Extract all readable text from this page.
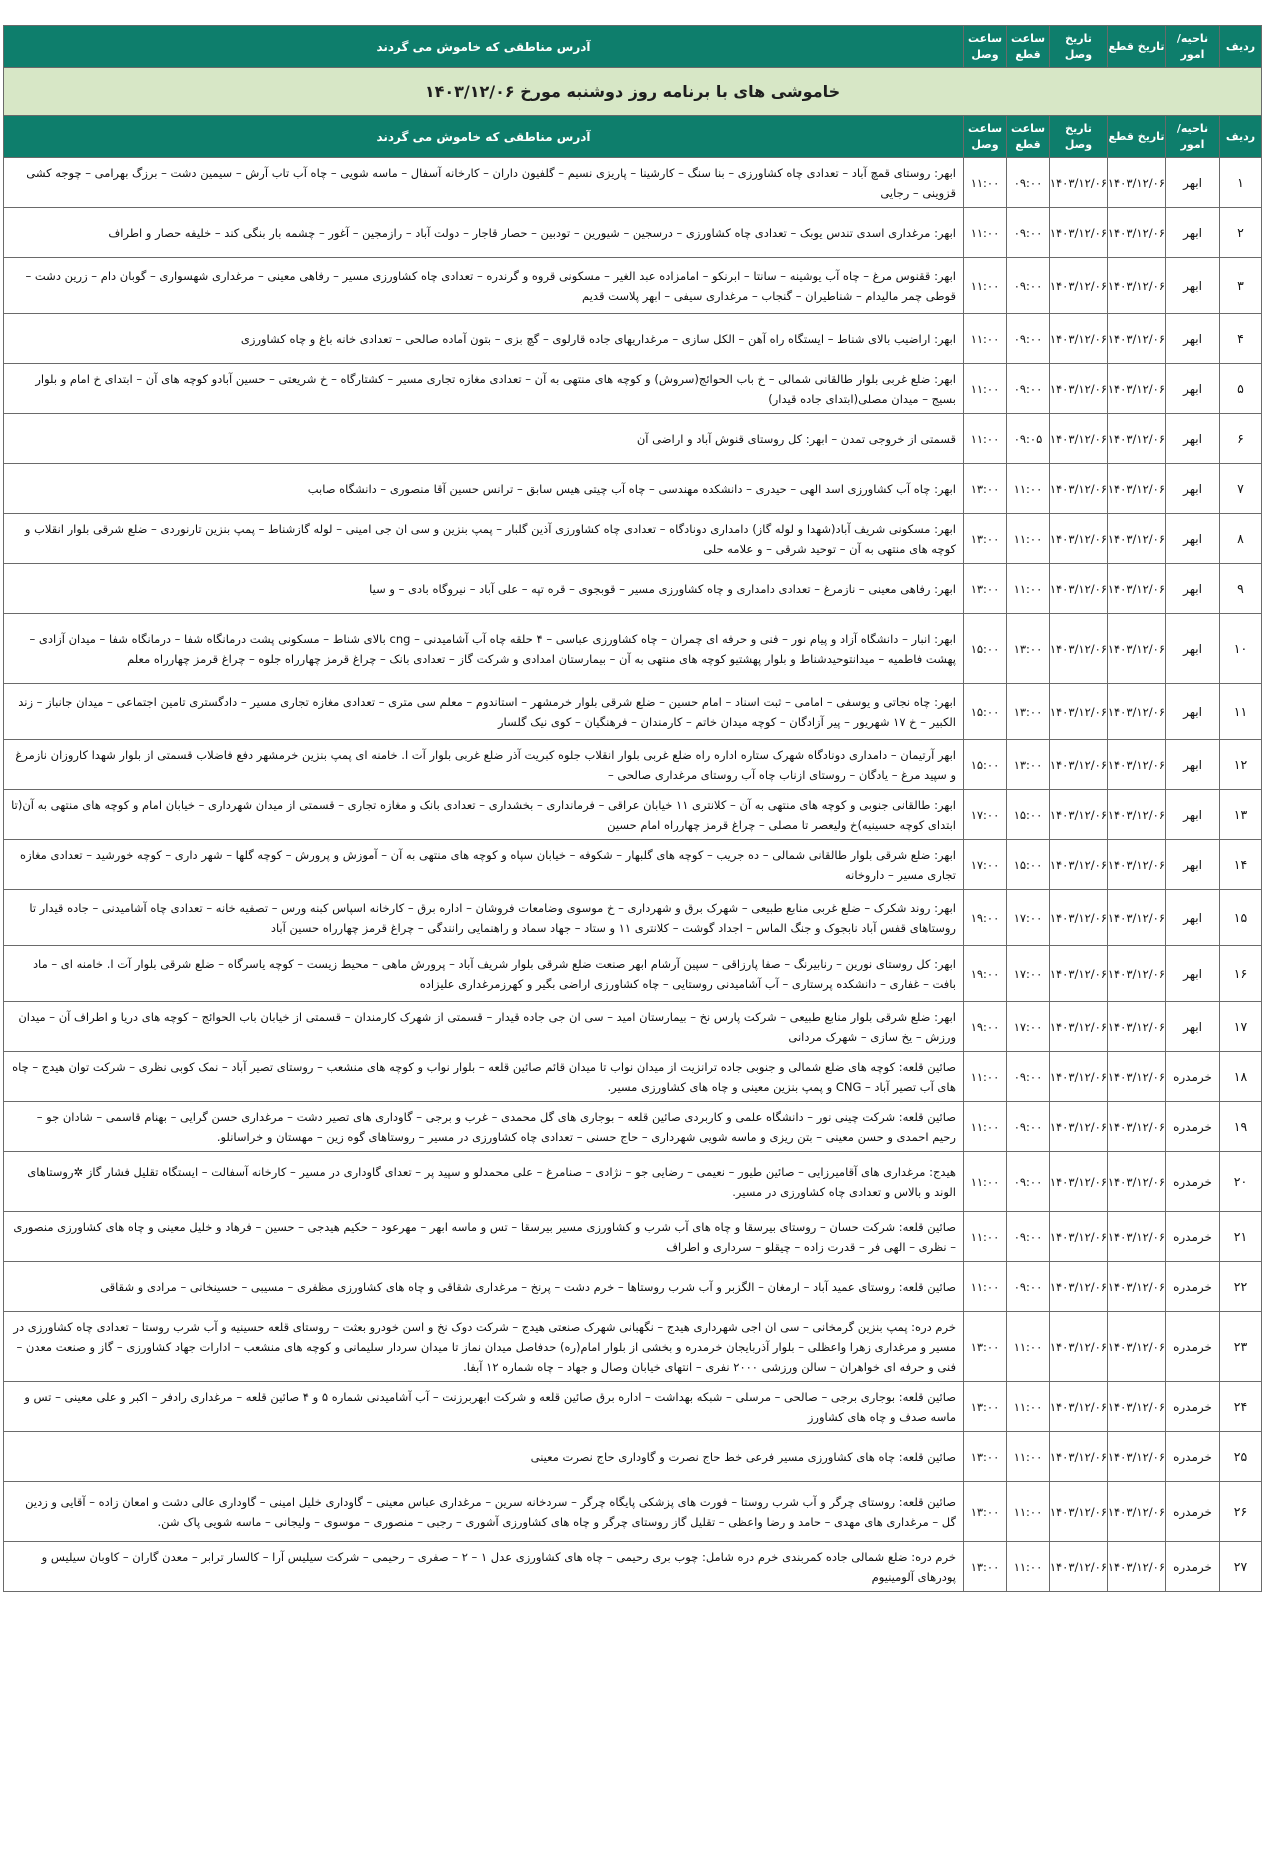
ردیف	ناحیه/امور	تاریخ قطع	تاریخ وصل	ساعت قطع	ساعت وصل	آدرس مناطقی که خاموش می گردند
خاموشی های با برنامه روز دوشنبه مورخ ۱۴۰۳/۱۲/۰۶						
ردیف	ناحیه/امور	تاریخ قطع	تاریخ وصل	ساعت قطع	ساعت وصل	آدرس مناطقی که خاموش می گردند
۱	ابهر	۱۴۰۳/۱۲/۰۶	۱۴۰۳/۱۲/۰۶	۰۹:۰۰	۱۱:۰۰	ابهر: روستای قمچ آباد – تعدادی چاه کشاورزی – بنا سنگ – کارشینا – پاریزی نسیم – گلفیون داران – کارخانه آسفال – ماسه شویی – چاه آب تاب آرش – سیمین دشت – برزگ بهرامی – چوجه کشی قزوینی – رجایی
۲	ابهر	۱۴۰۳/۱۲/۰۶	۱۴۰۳/۱۲/۰۶	۰۹:۰۰	۱۱:۰۰	ابهر: مرغداری اسدی تندس یوبک – تعدادی چاه کشاورزی – درسجین – شیورین – تودبین – حصار قاجار – دولت آباد – رازمجین – آغور – چشمه بار بنگی کند – خلیفه حصار و اطراف
۳	ابهر	۱۴۰۳/۱۲/۰۶	۱۴۰۳/۱۲/۰۶	۰۹:۰۰	۱۱:۰۰	ابهر: ققنوس مرغ – چاه آب یوشینه – سانتا – ابرنکو – امامزاده عبد الغیر – مسکونی قروه و گرندره – تعدادی چاه کشاورزی مسیر – رفاهی معینی – مرغداری شهسواری – گوبان دام – زرین دشت – قوطی چمر مالیدام – شناطیران – گنجاب – مرغداری سیفی – ابهر پلاست قدیم
۴	ابهر	۱۴۰۳/۱۲/۰۶	۱۴۰۳/۱۲/۰۶	۰۹:۰۰	۱۱:۰۰	ابهر: اراضیب بالای شناط – ایستگاه راه آهن – الکل سازی – مرغداریهای جاده قارلوی – گچ بزی – بتون آماده صالحی – تعدادی خانه باغ و چاه کشاورزی
۵	ابهر	۱۴۰۳/۱۲/۰۶	۱۴۰۳/۱۲/۰۶	۰۹:۰۰	۱۱:۰۰	ابهر: ضلع غربی بلوار طالقانی شمالی – خ باب الحوائج(سروش) و کوچه های منتهی به آن – تعدادی مغازه تجاری مسیر – کشتارگاه – خ شریعتی – حسین آبادو کوچه های آن – ابتدای خ امام و بلوار بسیج – میدان مصلی(ابتدای جاده قیدار)
۶	ابهر	۱۴۰۳/۱۲/۰۶	۱۴۰۳/۱۲/۰۶	۰۹:۰۵	۱۱:۰۰	قسمتی از خروجی تمدن – ابهر: کل روستای قنوش آباد و اراضی آن
۷	ابهر	۱۴۰۳/۱۲/۰۶	۱۴۰۳/۱۲/۰۶	۱۱:۰۰	۱۳:۰۰	ابهر: چاه آب کشاورزی اسد الهی – حیدری – دانشکده مهندسی – چاه آب چیتی هیس سابق – ترانس حسین آقا منصوری – دانشگاه صابب
۸	ابهر	۱۴۰۳/۱۲/۰۶	۱۴۰۳/۱۲/۰۶	۱۱:۰۰	۱۳:۰۰	ابهر: مسکونی شریف آباد(شهدا و لوله گاز) دامداری دونادگاه – تعدادی چاه کشاورزی آذین گلبار – پمپ بنزین و سی ان جی امینی – لوله گازشناط – پمپ بنزین تارنوردی – ضلع شرقی بلوار انقلاب و کوچه های منتهی به آن – توحید شرقی – و علامه حلی
۹	ابهر	۱۴۰۳/۱۲/۰۶	۱۴۰۳/۱۲/۰۶	۱۱:۰۰	۱۳:۰۰	ابهر: رفاهی معینی – نازمرغ – تعدادی دامداری و چاه کشاورزی مسیر – قوبجوی – قره تپه – علی آباد – نیروگاه بادی – و سیا
۱۰	ابهر	۱۴۰۳/۱۲/۰۶	۱۴۰۳/۱۲/۰۶	۱۳:۰۰	۱۵:۰۰	ابهر: انبار – دانشگاه آزاد و پیام نور – فنی و حرفه ای چمران – چاه کشاورزی عباسی – ۴ حلقه چاه آب آشامیدنی – cng بالای شناط – مسکونی پشت درمانگاه شفا – درمانگاه شفا – میدان آزادی – پهشت فاطمیه – میدانتوحیدشناط و بلوار پهشتیو کوچه های منتهی به آن – بیمارستان امدادی و شرکت گاز – تعدادی بانک – چراغ قرمز چهارراه جلوه – چراغ قرمز چهارراه معلم
۱۱	ابهر	۱۴۰۳/۱۲/۰۶	۱۴۰۳/۱۲/۰۶	۱۳:۰۰	۱۵:۰۰	ابهر: چاه نجاتی و یوسفی – امامی – ثبت اسناد – امام حسین – ضلع شرقی بلوار خرمشهر – استاندوم – معلم سی متری – تعدادی مغازه تجاری مسیر – دادگستری تامین اجتماعی – میدان جانباز – زند الکبیر – خ ۱۷ شهریور – پیر آزادگان – کوچه میدان خاتم – کارمندان – فرهنگیان – کوی نیک گلسار
۱۲	ابهر	۱۴۰۳/۱۲/۰۶	۱۴۰۳/۱۲/۰۶	۱۳:۰۰	۱۵:۰۰	ابهر آرتیمان – دامداری دونادگاه شهرک ستاره اداره راه ضلع غربی بلوار انقلاب جلوه کبریت آذر ضلع غربی بلوار آت ا. خامنه ای پمپ بنزین خرمشهر دفع فاضلاب قسمتی از بلوار شهدا کاروزان نازمرغ و سپید مرغ – یادگان – روستای ازناب چاه آب روستای مرغداری صالحی –
۱۳	ابهر	۱۴۰۳/۱۲/۰۶	۱۴۰۳/۱۲/۰۶	۱۵:۰۰	۱۷:۰۰	ابهر: طالقانی جنوبی و کوچه های منتهی به آن – کلانتری ۱۱ خیابان عراقی – فرمانداری – بخشداری – تعدادی بانک و مغازه تجاری – قسمتی از میدان شهرداری – خیابان امام و کوچه های منتهی به آن(تا ابتدای کوچه حسینیه)خ ولیعصر تا مصلی – چراغ قرمز چهارراه امام حسین
۱۴	ابهر	۱۴۰۳/۱۲/۰۶	۱۴۰۳/۱۲/۰۶	۱۵:۰۰	۱۷:۰۰	ابهر: ضلع شرقی بلوار طالقانی شمالی – ده جریب – کوچه های گلبهار – شکوفه – خیابان سپاه و کوچه های منتهی به آن – آموزش و پرورش – کوچه گلها – شهر داری – کوچه خورشید – تعدادی مغازه تجاری مسیر – داروخانه
۱۵	ابهر	۱۴۰۳/۱۲/۰۶	۱۴۰۳/۱۲/۰۶	۱۷:۰۰	۱۹:۰۰	ابهر: روند شکرک – ضلع غربی منابع طبیعی – شهرک برق و شهرداری – خ موسوی وضامعات فروشان – اداره برق – کارخانه اسپاس کبنه ورس – تصفیه خانه – تعدادی چاه آشامیدنی – جاده قیدار تا روستاهای قفس آباد نابجوک و جنگ الماس – اجداد گوشت – کلانتری ۱۱ و ستاد – جهاد سماد و راهنمایی رانندگی – چراغ قرمز چهارراه حسین آباد
۱۶	ابهر	۱۴۰۳/۱۲/۰۶	۱۴۰۳/۱۲/۰۶	۱۷:۰۰	۱۹:۰۰	ابهر: کل روستای نورین – رنابیرنگ – صفا پارزاقی – سپین آرشام ابهر صنعت ضلع شرقی بلوار شریف آباد – پرورش ماهی – محیط زیست – کوچه یاسرگاه – ضلع شرقی بلوار آت ا. خامنه ای – ماد بافت – غفاری – دانشکده پرستاری – آب آشامیدنی روستایی – چاه کشاورزی اراضی بگیر و کهرزمرغداری علیزاده
۱۷	ابهر	۱۴۰۳/۱۲/۰۶	۱۴۰۳/۱۲/۰۶	۱۷:۰۰	۱۹:۰۰	ابهر: ضلع شرقی بلوار منابع طبیعی – شرکت پارس نخ – بیمارستان امید – سی ان جی جاده قیدار – قسمتی از شهرک کارمندان – قسمتی از خیابان باب الحوائج – کوچه های دریا و اطراف آن – میدان ورزش – یخ سازی – شهرک مردانی
۱۸	خرمدره	۱۴۰۳/۱۲/۰۶	۱۴۰۳/۱۲/۰۶	۰۹:۰۰	۱۱:۰۰	صائین قلعه: کوچه های ضلع شمالی و جنوبی جاده ترانزیت از میدان نواب تا میدان قائم صائین قلعه – بلوار نواب و کوچه های منشعب – روستای تصیر آباد – نمک کوبی نظری – شرکت توان هیدج – چاه های آب تصیر آباد – CNG و پمپ بنزین معینی و چاه های کشاورزی مسیر.
۱۹	خرمدره	۱۴۰۳/۱۲/۰۶	۱۴۰۳/۱۲/۰۶	۰۹:۰۰	۱۱:۰۰	صائین قلعه: شرکت چینی نور – دانشگاه علمی و کاربردی صائین قلعه – بوجاری های گل محمدی – غرب و برجی – گاوداری های تصیر دشت – مرغداری حسن گرایی – بهنام قاسمی – شادان جو – رحیم احمدی و حسن معینی – بتن ریزی و ماسه شویی شهرداری – حاج حسنی – تعدادی چاه کشاورزی در مسیر – روستاهای گوه زین – مهستان و خراسانلو.
۲۰	خرمدره	۱۴۰۳/۱۲/۰۶	۱۴۰۳/۱۲/۰۶	۰۹:۰۰	۱۱:۰۰	هیدج: مرغداری های آقامیرزایی – صائین طیور – نعیمی – رضایی جو – نژادی – صنامرغ – علی محمدلو و سپید پر – تعدای گاوداری در مسیر – کارخانه آسفالت – ایستگاه تقلیل فشار گاز ✲روستاهای الوند و بالاس و تعدادی چاه کشاورزی در مسیر.
۲۱	خرمدره	۱۴۰۳/۱۲/۰۶	۱۴۰۳/۱۲/۰۶	۰۹:۰۰	۱۱:۰۰	صائین قلعه: شرکت حسان – روستای بیرسقا و چاه های آب شرب و کشاورزی مسیر بیرسقا – تس و ماسه ابهر – مهرعود – حکیم هیدجی – حسین – فرهاد و خلیل معینی و چاه های کشاورزی منصوری – نظری – الهی فر – قدرت زاده – چیقلو – سرداری و اطراف
۲۲	خرمدره	۱۴۰۳/۱۲/۰۶	۱۴۰۳/۱۲/۰۶	۰۹:۰۰	۱۱:۰۰	صائین قلعه: روستای عمید آباد – ارمغان – الگزبر و آب شرب روستاها – خرم دشت – پرنخ – مرغداری شقاقی و چاه های کشاورزی مظفری – مسیبی – حسینخانی – مرادی و شقاقی
۲۳	خرمدره	۱۴۰۳/۱۲/۰۶	۱۴۰۳/۱۲/۰۶	۱۱:۰۰	۱۳:۰۰	خرم دره: پمپ بنزین گرمخانی – سی ان اجی شهرداری هیدج – نگهبانی شهرک صنعتی هیدج – شرکت دوک نخ و اسن خودرو بعثت – روستای قلعه حسینیه و آب شرب روستا – تعدادی چاه کشاورزی در مسیر و مرغداری زهرا واعظلی – بلوار آذربایجان خرمدره و بخشی از بلوار امام(ره) حدفاصل میدان نماز تا میدان سردار سلیمانی و کوچه های منشعب – ادارات جهاد کشاورزی – گاز و صنعت معدن – فنی و حرفه ای خواهران – سالن ورزشی ۲۰۰۰ نفری – انتهای خیابان وصال و جهاد – چاه شماره ۱۲ آبفا.
۲۴	خرمدره	۱۴۰۳/۱۲/۰۶	۱۴۰۳/۱۲/۰۶	۱۱:۰۰	۱۳:۰۰	صائین قلعه: بوجاری برجی – صالحی – مرسلی – شبکه بهداشت – اداره برق صائین قلعه و شرکت ابهربرزنت – آب آشامیدنی شماره ۵ و ۴ صائین قلعه – مرغداری رادفر – اکبر و علی معینی – تس و ماسه صدف و چاه های کشاورز
۲۵	خرمدره	۱۴۰۳/۱۲/۰۶	۱۴۰۳/۱۲/۰۶	۱۱:۰۰	۱۳:۰۰	صائین قلعه: چاه های کشاورزی مسیر فرعی خط حاج نصرت و گاوداری حاج نصرت معینی
۲۶	خرمدره	۱۴۰۳/۱۲/۰۶	۱۴۰۳/۱۲/۰۶	۱۱:۰۰	۱۳:۰۰	صائین قلعه: روستای چرگر و آب شرب روستا – فورت های پزشکی پایگاه چرگر – سردخانه سرین – مرغداری عباس معینی – گاوداری خلیل امینی – گاوداری عالی دشت و امعان زاده – آقایی و زدین گل – مرغداری های مهدی – حامد و رضا واعظی – تقلیل گاز روستای چرگر و چاه های کشاورزی آشوری – رجبی – منصوری – موسوی – ولیجانی – ماسه شویی پاک شن.
۲۷	خرمدره	۱۴۰۳/۱۲/۰۶	۱۴۰۳/۱۲/۰۶	۱۱:۰۰	۱۳:۰۰	خرم دره: ضلع شمالی جاده کمربندی خرم دره شامل: چوب بری رحیمی – چاه های کشاورزی عدل ۱ – ۲ – صفری – رحیمی – شرکت سیلیس آرا – کالسار ترابر – معدن گاران – کاوبان سیلیس و پودرهای آلومینیوم
